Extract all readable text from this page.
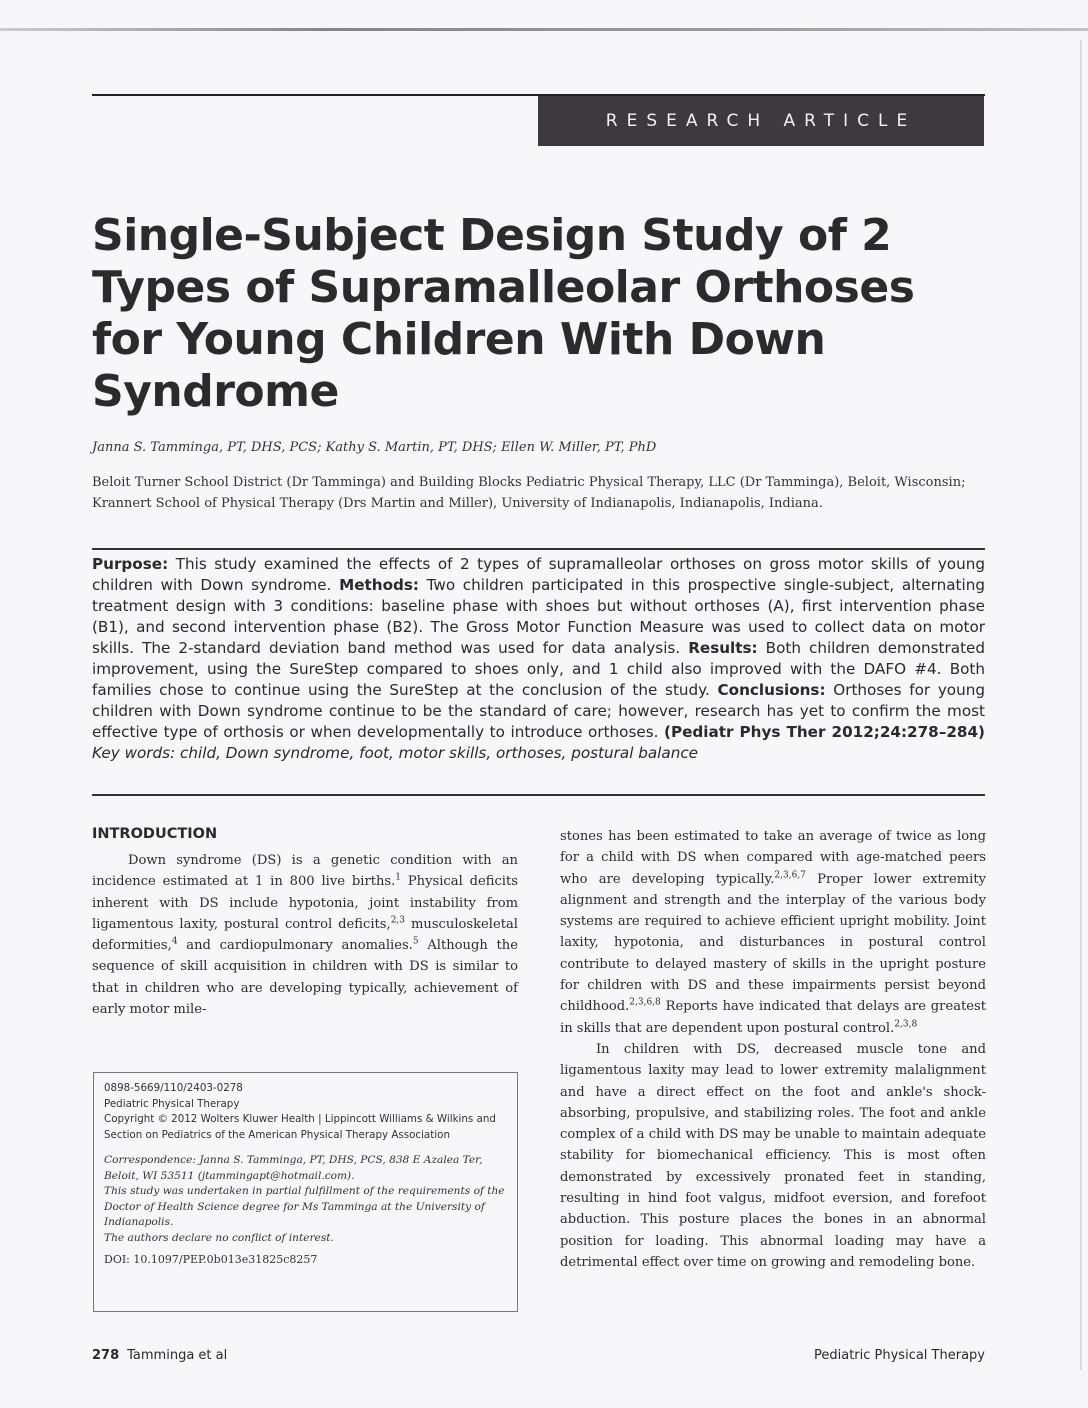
RESEARCH ARTICLE
Single-Subject Design Study of 2 Types of Supramalleolar Orthoses for Young Children With Down Syndrome
Janna S. Tamminga, PT, DHS, PCS; Kathy S. Martin, PT, DHS; Ellen W. Miller, PT, PhD
Beloit Turner School District (Dr Tamminga) and Building Blocks Pediatric Physical Therapy, LLC (Dr Tamminga), Beloit, Wisconsin; Krannert School of Physical Therapy (Drs Martin and Miller), University of Indianapolis, Indianapolis, Indiana.
Purpose: This study examined the effects of 2 types of supramalleolar orthoses on gross motor skills of young children with Down syndrome. Methods: Two children participated in this prospective single-subject, alternating treatment design with 3 conditions: baseline phase with shoes but without orthoses (A), first intervention phase (B1), and second intervention phase (B2). The Gross Motor Function Measure was used to collect data on motor skills. The 2-standard deviation band method was used for data analysis. Results: Both children demonstrated improvement, using the SureStep compared to shoes only, and 1 child also improved with the DAFO #4. Both families chose to continue using the SureStep at the conclusion of the study. Conclusions: Orthoses for young children with Down syndrome continue to be the standard of care; however, research has yet to confirm the most effective type of orthosis or when developmentally to introduce orthoses. (Pediatr Phys Ther 2012;24:278–284) Key words: child, Down syndrome, foot, motor skills, orthoses, postural balance
INTRODUCTION

Down syndrome (DS) is a genetic condition with an incidence estimated at 1 in 800 live births.$^1$ Physical deficits inherent with DS include hypotonia, joint instability from ligamentous laxity, postural control deficits,$^{2,3}$ musculoskeletal deformities,$^4$ and cardiopulmonary anomalies.$^5$ Although the sequence of skill acquisition in children with DS is similar to that in children who are developing typically, achievement of early motor mile-

0898-5669/110/2403-0278
Pediatric Physical Therapy
Copyright © 2012 Wolters Kluwer Health | Lippincott Williams & Wilkins and Section on Pediatrics of the American Physical Therapy Association
Correspondence: Janna S. Tamminga, PT, DHS, PCS, 838 E Azalea Ter, Beloit, WI 53511 (jtammingapt@hotmail.com).
This study was undertaken in partial fulfillment of the requirements of the Doctor of Health Science degree for Ms Tamminga at the University of Indianapolis.
The authors declare no conflict of interest.
DOI: 10.1097/PEP.0b013e31825c8257

stones has been estimated to take an average of twice as long for a child with DS when compared with age-matched peers who are developing typically.$^{2,3,6,7}$ Proper lower extremity alignment and strength and the interplay of the various body systems are required to achieve efficient upright mobility. Joint laxity, hypotonia, and disturbances in postural control contribute to delayed mastery of skills in the upright posture for children with DS and these impairments persist beyond childhood.$^{2,3,6,8}$ Reports have indicated that delays are greatest in skills that are dependent upon postural control.$^{2,3,8}$

In children with DS, decreased muscle tone and ligamentous laxity may lead to lower extremity malalignment and have a direct effect on the foot and ankle's shock-absorbing, propulsive, and stabilizing roles. The foot and ankle complex of a child with DS may be unable to maintain adequate stability for biomechanical efficiency. This is most often demonstrated by excessively pronated feet in standing, resulting in hind foot valgus, midfoot eversion, and forefoot abduction. This posture places the bones in an abnormal position for loading. This abnormal loading may have a detrimental effect over time on growing and remodeling bone.

278 Tamminga et al	Pediatric Physical Therapy
